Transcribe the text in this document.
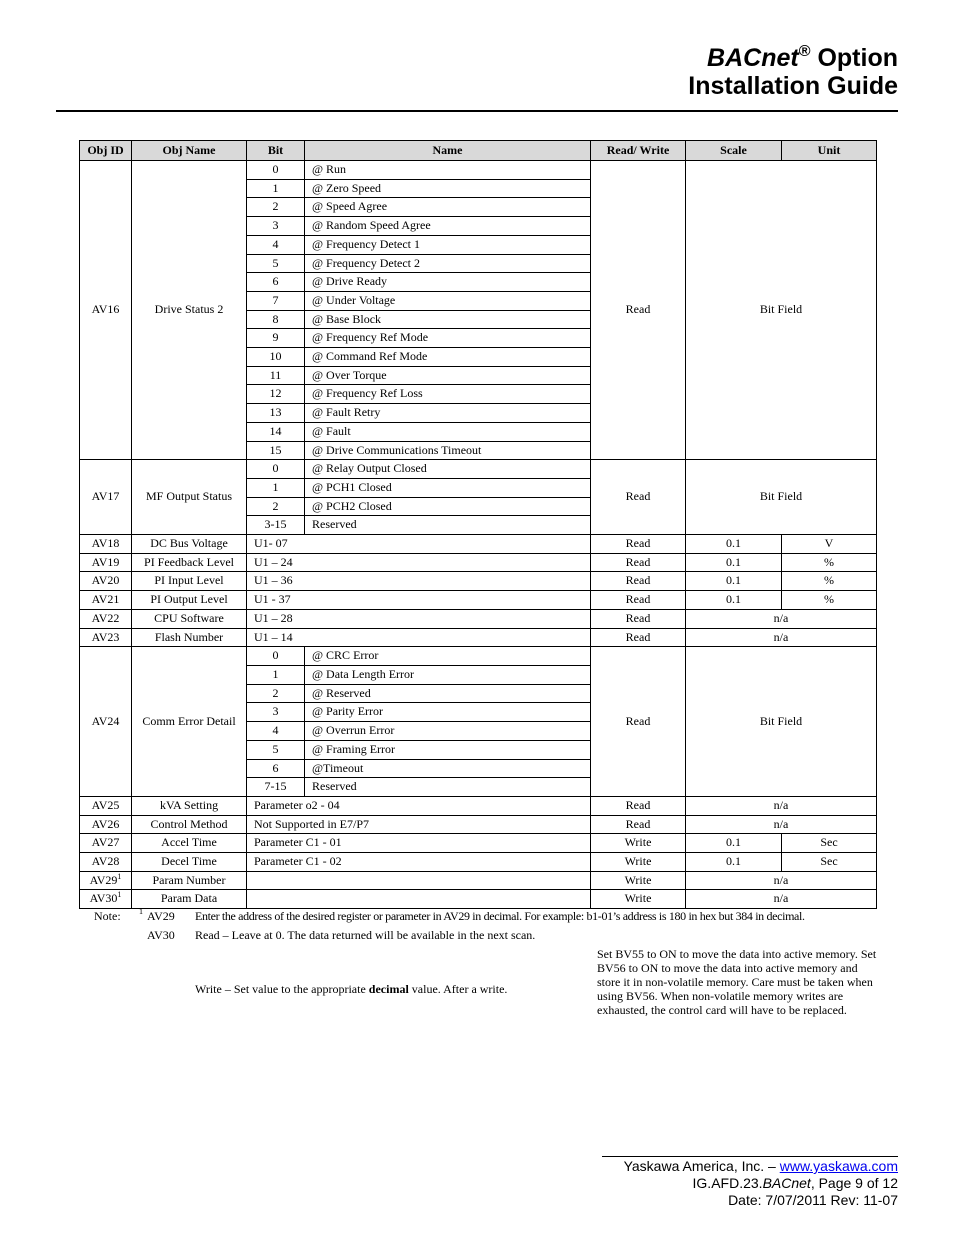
BACnet® Option
Installation Guide
Obj ID	Obj Name	Bit	Name	Read/ Write	Scale	Unit
AV16	Drive Status 2	0	@ Run	Read	Bit Field	
		1	@ Zero Speed			
		2	@ Speed Agree			
		3	@ Random Speed Agree			
		4	@ Frequency Detect 1			
		5	@ Frequency Detect 2			
		6	@ Drive Ready			
		7	@ Under Voltage			
		8	@ Base Block			
		9	@ Frequency Ref Mode			
		10	@ Command Ref Mode			
		11	@ Over Torque			
		12	@ Frequency Ref Loss			
		13	@ Fault Retry			
		14	@ Fault			
		15	@ Drive Communications Timeout			
AV17	MF Output Status	0	@ Relay Output Closed	Read	Bit Field	
		1	@ PCH1 Closed			
		2	@ PCH2 Closed			
		3-15	Reserved			
AV18	DC Bus Voltage	U1- 07		Read	0.1	V
AV19	PI Feedback Level	U1 – 24		Read	0.1	%
AV20	PI Input Level	U1 – 36		Read	0.1	%
AV21	PI Output Level	U1 - 37		Read	0.1	%
AV22	CPU Software	U1 – 28		Read	n/a	
AV23	Flash Number	U1 – 14		Read	n/a	
AV24	Comm Error Detail	0	@ CRC Error	Read	Bit Field	
		1	@ Data Length Error			
		2	@ Reserved			
		3	@ Parity Error			
		4	@ Overrun Error			
		5	@ Framing Error			
		6	@Timeout			
		7-15	Reserved			
AV25	kVA Setting	Parameter o2 - 04		Read	n/a	
AV26	Control Method	Not Supported in E7/P7		Read	n/a	
AV27	Accel Time	Parameter C1 - 01		Write	0.1	Sec
AV28	Decel Time	Parameter C1 - 02		Write	0.1	Sec
$AV29^1$	Param Number			Write	n/a	
$AV30^1$	Param Data			Write	n/a	
Note: 1 AV29 Enter the address of the desired register or parameter in AV29 in decimal. For example: b1-01’s address is 180 in hex but 384 in decimal.
AV30 Read – Leave at 0. The data returned will be available in the next scan.
Write – Set value to the appropriate decimal value. After a write.
Set BV55 to ON to move the data into active memory. Set BV56 to ON to move the data into active memory and store it in non-volatile memory. Care must be taken when using BV56. When non-volatile memory writes are exhausted, the control card will have to be replaced.
Yaskawa America, Inc. – www.yaskawa.com
IG.AFD.23.BACnet, Page 9 of 12
Date: 7/07/2011 Rev: 11-07
